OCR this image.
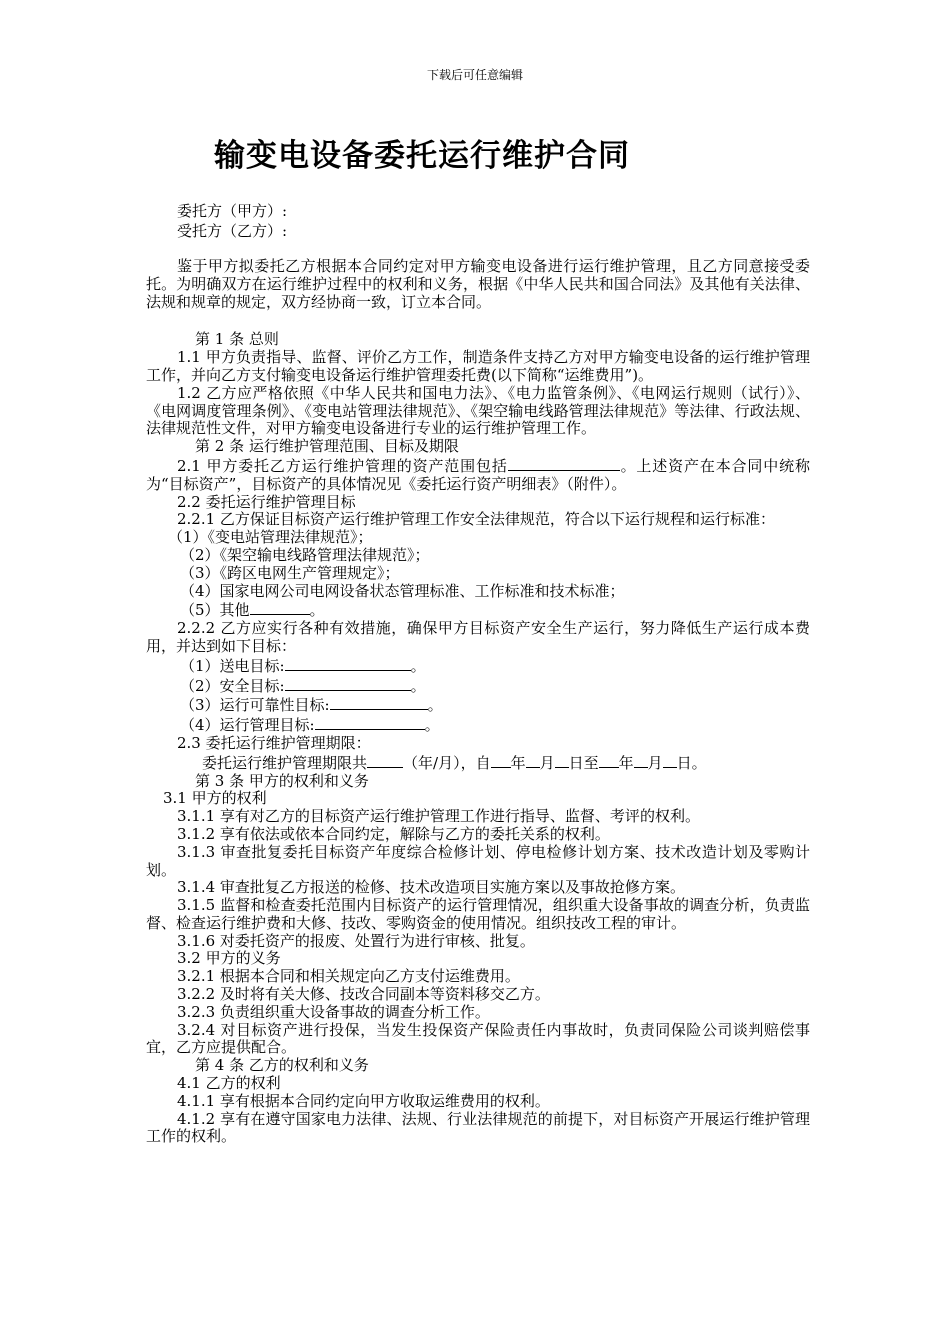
下载后可任意编辑
输变电设备委托运行维护合同
委托方（甲方）:
受托方（乙方）:

鉴于甲方拟委托乙方根据本合同约定对甲方输变电设备进行运行维护管理，且乙方同意接受委托。为明确双方在运行维护过程中的权利和义务，根据《中华人民共和国合同法》及其他有关法律、法规和规章的规定，双方经协商一致，订立本合同。

第 1 条 总则

1.1 甲方负责指导、监督、评价乙方工作，制造条件支持乙方对甲方输变电设备的运行维护管理工作，并向乙方支付输变电设备运行维护管理委托费(以下简称“运维费用”)。

1.2 乙方应严格依照《中华人民共和国电力法》、《电力监管条例》、《电网运行规则（试行）》、《电网调度管理条例》、《变电站管理法律规范》、《架空输电线路管理法律规范》等法律、行政法规、法律规范性文件，对甲方输变电设备进行专业的运行维护管理工作。

第 2 条 运行维护管理范围、目标及期限

2.1 甲方委托乙方运行维护管理的资产范围包括	。上述资产在本合同中统称为“目标资产”，目标资产的具体情况见《委托运行资产明细表》（附件）。

2.2 委托运行维护管理目标

2.2.1 乙方保证目标资产运行维护管理工作安全法律规范，符合以下运行规程和运行标准：

（1）《变电站管理法律规范》；

（2）《架空输电线路管理法律规范》；

（3）《跨区电网生产管理规定》；

（4）国家电网公司电网设备状态管理标准、工作标准和技术标准；

（5）其他	。

2.2.2 乙方应实行各种有效措施，确保甲方目标资产安全生产运行，努力降低生产运行成本费用，并达到如下目标：

（1）送电目标:	。

（2）安全目标:	。

（3）运行可靠性目标:	。

（4）运行管理目标:	。

2.3 委托运行维护管理期限：

委托运行维护管理期限共 （年/月），自 年 月 日至 年 月 日。

第 3 条 甲方的权利和义务

3.1 甲方的权利

3.1.1 享有对乙方的目标资产运行维护管理工作进行指导、监督、考评的权利。

3.1.2 享有依法或依本合同约定，解除与乙方的委托关系的权利。

3.1.3 审查批复委托目标资产年度综合检修计划、停电检修计划方案、技术改造计划及零购计划。

3.1.4 审查批复乙方报送的检修、技术改造项目实施方案以及事故抢修方案。

3.1.5 监督和检查委托范围内目标资产的运行管理情况，组织重大设备事故的调查分析，负责监督、检查运行维护费和大修、技改、零购资金的使用情况。组织技改工程的审计。

3.1.6 对委托资产的报废、处置行为进行审核、批复。

3.2 甲方的义务

3.2.1 根据本合同和相关规定向乙方支付运维费用。

3.2.2 及时将有关大修、技改合同副本等资料移交乙方。

3.2.3 负责组织重大设备事故的调查分析工作。

3.2.4 对目标资产进行投保，当发生投保资产保险责任内事故时，负责同保险公司谈判赔偿事宜，乙方应提供配合。

第 4 条 乙方的权利和义务

4.1 乙方的权利

4.1.1 享有根据本合同约定向甲方收取运维费用的权利。

4.1.2 享有在遵守国家电力法律、法规、行业法律规范的前提下，对目标资产开展运行维护管理工作的权利。
